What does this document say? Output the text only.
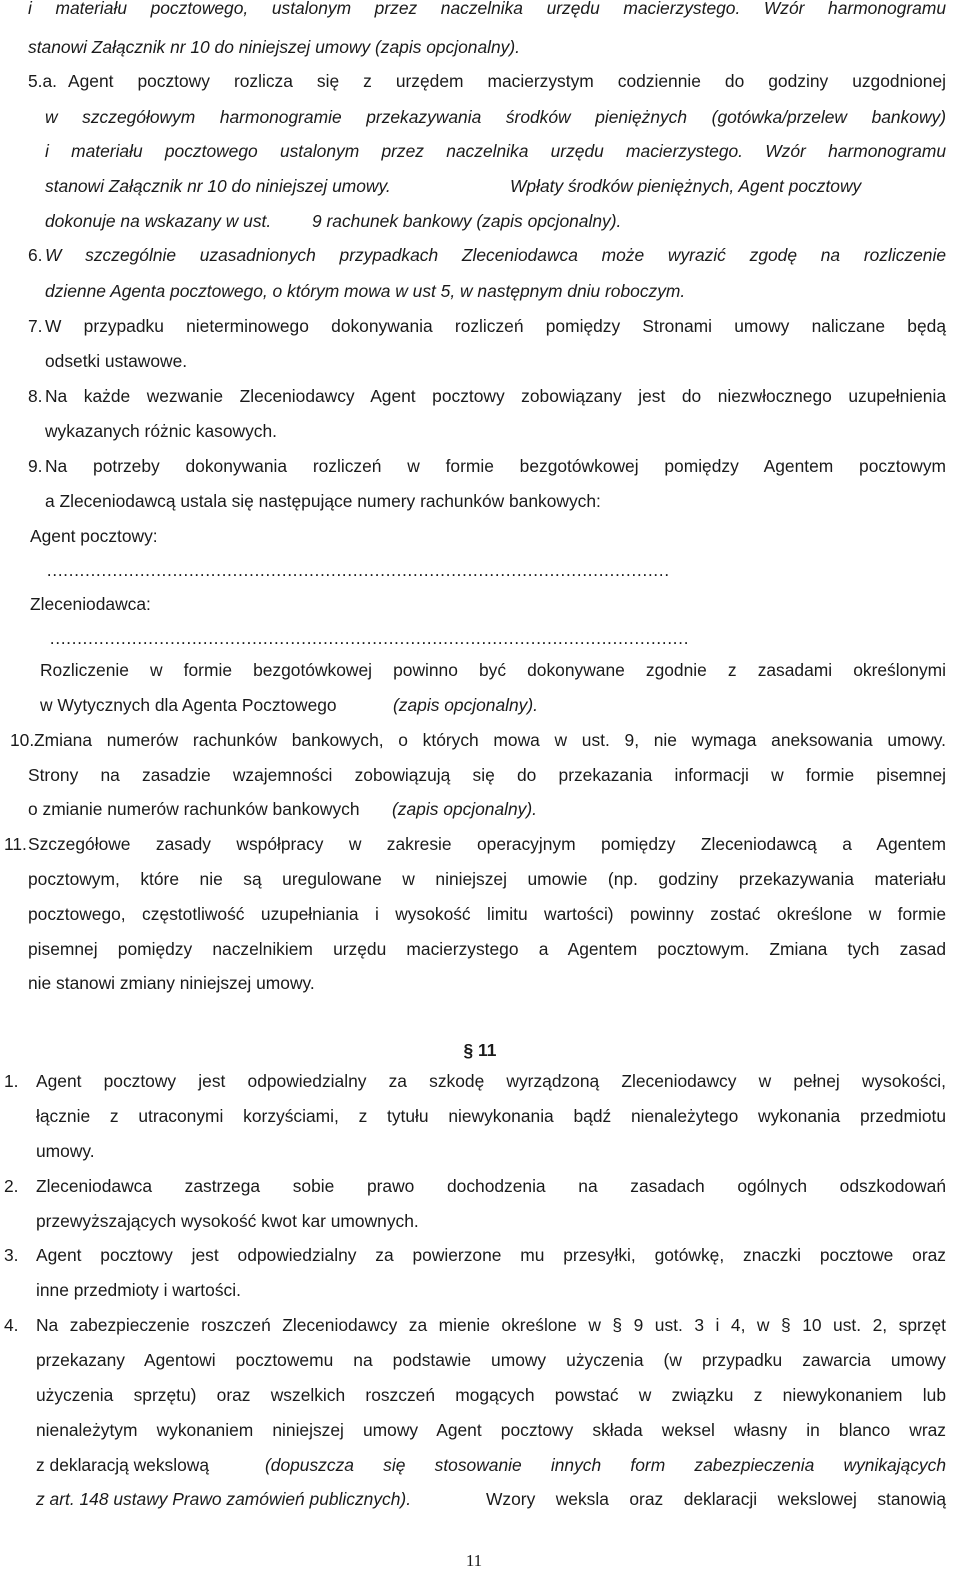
i materiału pocztowego, ustalonym przez naczelnika urzędu macierzystego. Wzór harmonogramu
stanowi Załącznik nr 10 do niniejszej umowy (zapis opcjonalny).
5.a. Agent pocztowy rozlicza się z urzędem macierzystym codziennie do godziny uzgodnionej
w szczegółowym harmonogramie przekazywania środków pieniężnych (gotówka/przelew bankowy)
i materiału pocztowego ustalonym przez naczelnika urzędu macierzystego. Wzór harmonogramu
stanowi Załącznik nr 10 do niniejszej umowy.	Wpłaty środków pieniężnych, Agent pocztowy
dokonuje na wskazany w ust. 9 rachunek bankowy (zapis opcjonalny).
6. W szczególnie uzasadnionych przypadkach Zleceniodawca może wyrazić zgodę na rozliczenie
dzienne Agenta pocztowego, o którym mowa w ust 5, w następnym dniu roboczym.
7. W przypadku nieterminowego dokonywania rozliczeń pomiędzy Stronami umowy naliczane będą
odsetki ustawowe.
8. Na każde wezwanie Zleceniodawcy Agent pocztowy zobowiązany jest do niezwłocznego uzupełnienia
wykazanych różnic kasowych.
9. Na potrzeby dokonywania rozliczeń w formie bezgotówkowej pomiędzy Agentem pocztowym
a Zleceniodawcą ustala się następujące numery rachunków bankowych:
Agent pocztowy:
……………………………………………………………………………………………………
Zleceniodawca:
………………………………………………………………………………………………………
Rozliczenie w formie bezgotówkowej powinno być dokonywane zgodnie z zasadami określonymi
w Wytycznych dla Agenta Pocztowego	(zapis opcjonalny).
10. Zmiana numerów rachunków bankowych, o których mowa w ust. 9, nie wymaga aneksowania umowy.
Strony na zasadzie wzajemności zobowiązują się do przekazania informacji w formie pisemnej
o zmianie numerów rachunków bankowych (zapis opcjonalny).
11. Szczegółowe zasady współpracy w zakresie operacyjnym pomiędzy Zleceniodawcą a Agentem
pocztowym, które nie są uregulowane w niniejszej umowie (np. godziny przekazywania materiału
pocztowego, częstotliwość uzupełniania i wysokość limitu wartości) powinny zostać określone w formie
pisemnej pomiędzy naczelnikiem urzędu macierzystego a Agentem pocztowym. Zmiana tych zasad
nie stanowi zmiany niniejszej umowy.
§ 11
1. Agent pocztowy jest odpowiedzialny za szkodę wyrządzoną Zleceniodawcy w pełnej wysokości,
łącznie z utraconymi korzyściami, z tytułu niewykonania bądź nienależytego wykonania przedmiotu
umowy.
2. Zleceniodawca zastrzega sobie prawo dochodzenia na zasadach ogólnych odszkodowań
przewyższających wysokość kwot kar umownych.
3. Agent pocztowy jest odpowiedzialny za powierzone mu przesyłki, gotówkę, znaczki pocztowe oraz
inne przedmioty i wartości.
4. Na zabezpieczenie roszczeń Zleceniodawcy za mienie określone w § 9 ust. 3 i 4, w § 10 ust. 2, sprzęt
przekazany Agentowi pocztowemu na podstawie umowy użyczenia (w przypadku zawarcia umowy
użyczenia sprzętu) oraz wszelkich roszczeń mogących powstać w związku z niewykonaniem lub
nienależytym wykonaniem niniejszej umowy Agent pocztowy składa weksel własny in blanco wraz
z deklaracją wekslową	(dopuszcza się stosowanie innych form zabezpieczenia wynikających
z art. 148 ustawy Prawo zamówień publicznych).	Wzory weksla oraz deklaracji wekslowej stanowią
11
